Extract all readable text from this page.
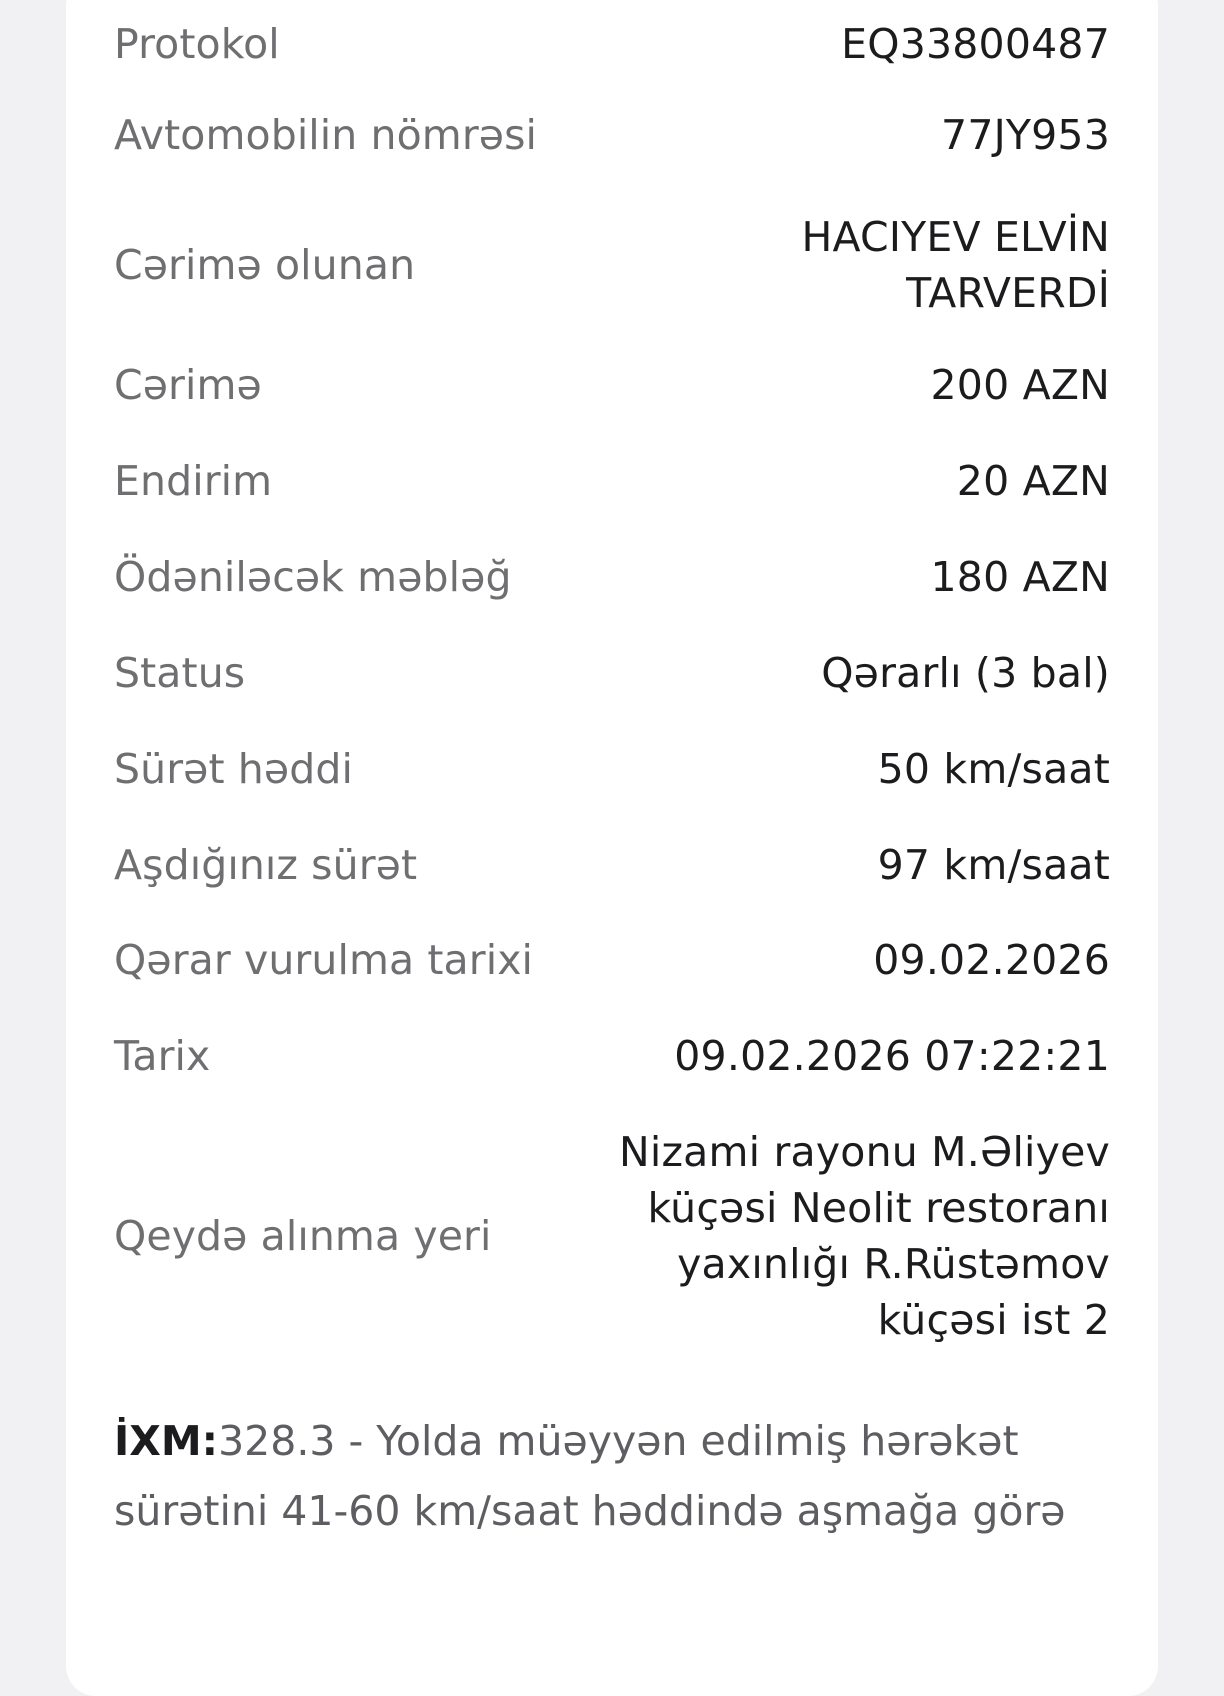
Protokol	EQ33800487
Avtomobilin nömrəsi	77JY953
Cərimə olunan
HACIYEV ELVİN
TARVERDİ
Cərimə	200 AZN
Endirim	20 AZN
Ödəniləcək məbləğ	180 AZN
Status	Qərarlı (3 bal)
Sürət həddi	50 km/saat
Aşdığınız sürət	97 km/saat
Qərar vurulma tarixi	09.02.2026
Tarix	09.02.2026 07:22:21
Qeydə alınma yeri
Nizami rayonu M.Əliyev
küçəsi Neolit restoranı
yaxınlığı R.Rüstəmov
küçəsi ist 2
İXM:328.3 - Yolda müəyyən edilmiş hərəkət sürətini 41-60 km/saat həddində aşmağa görə
